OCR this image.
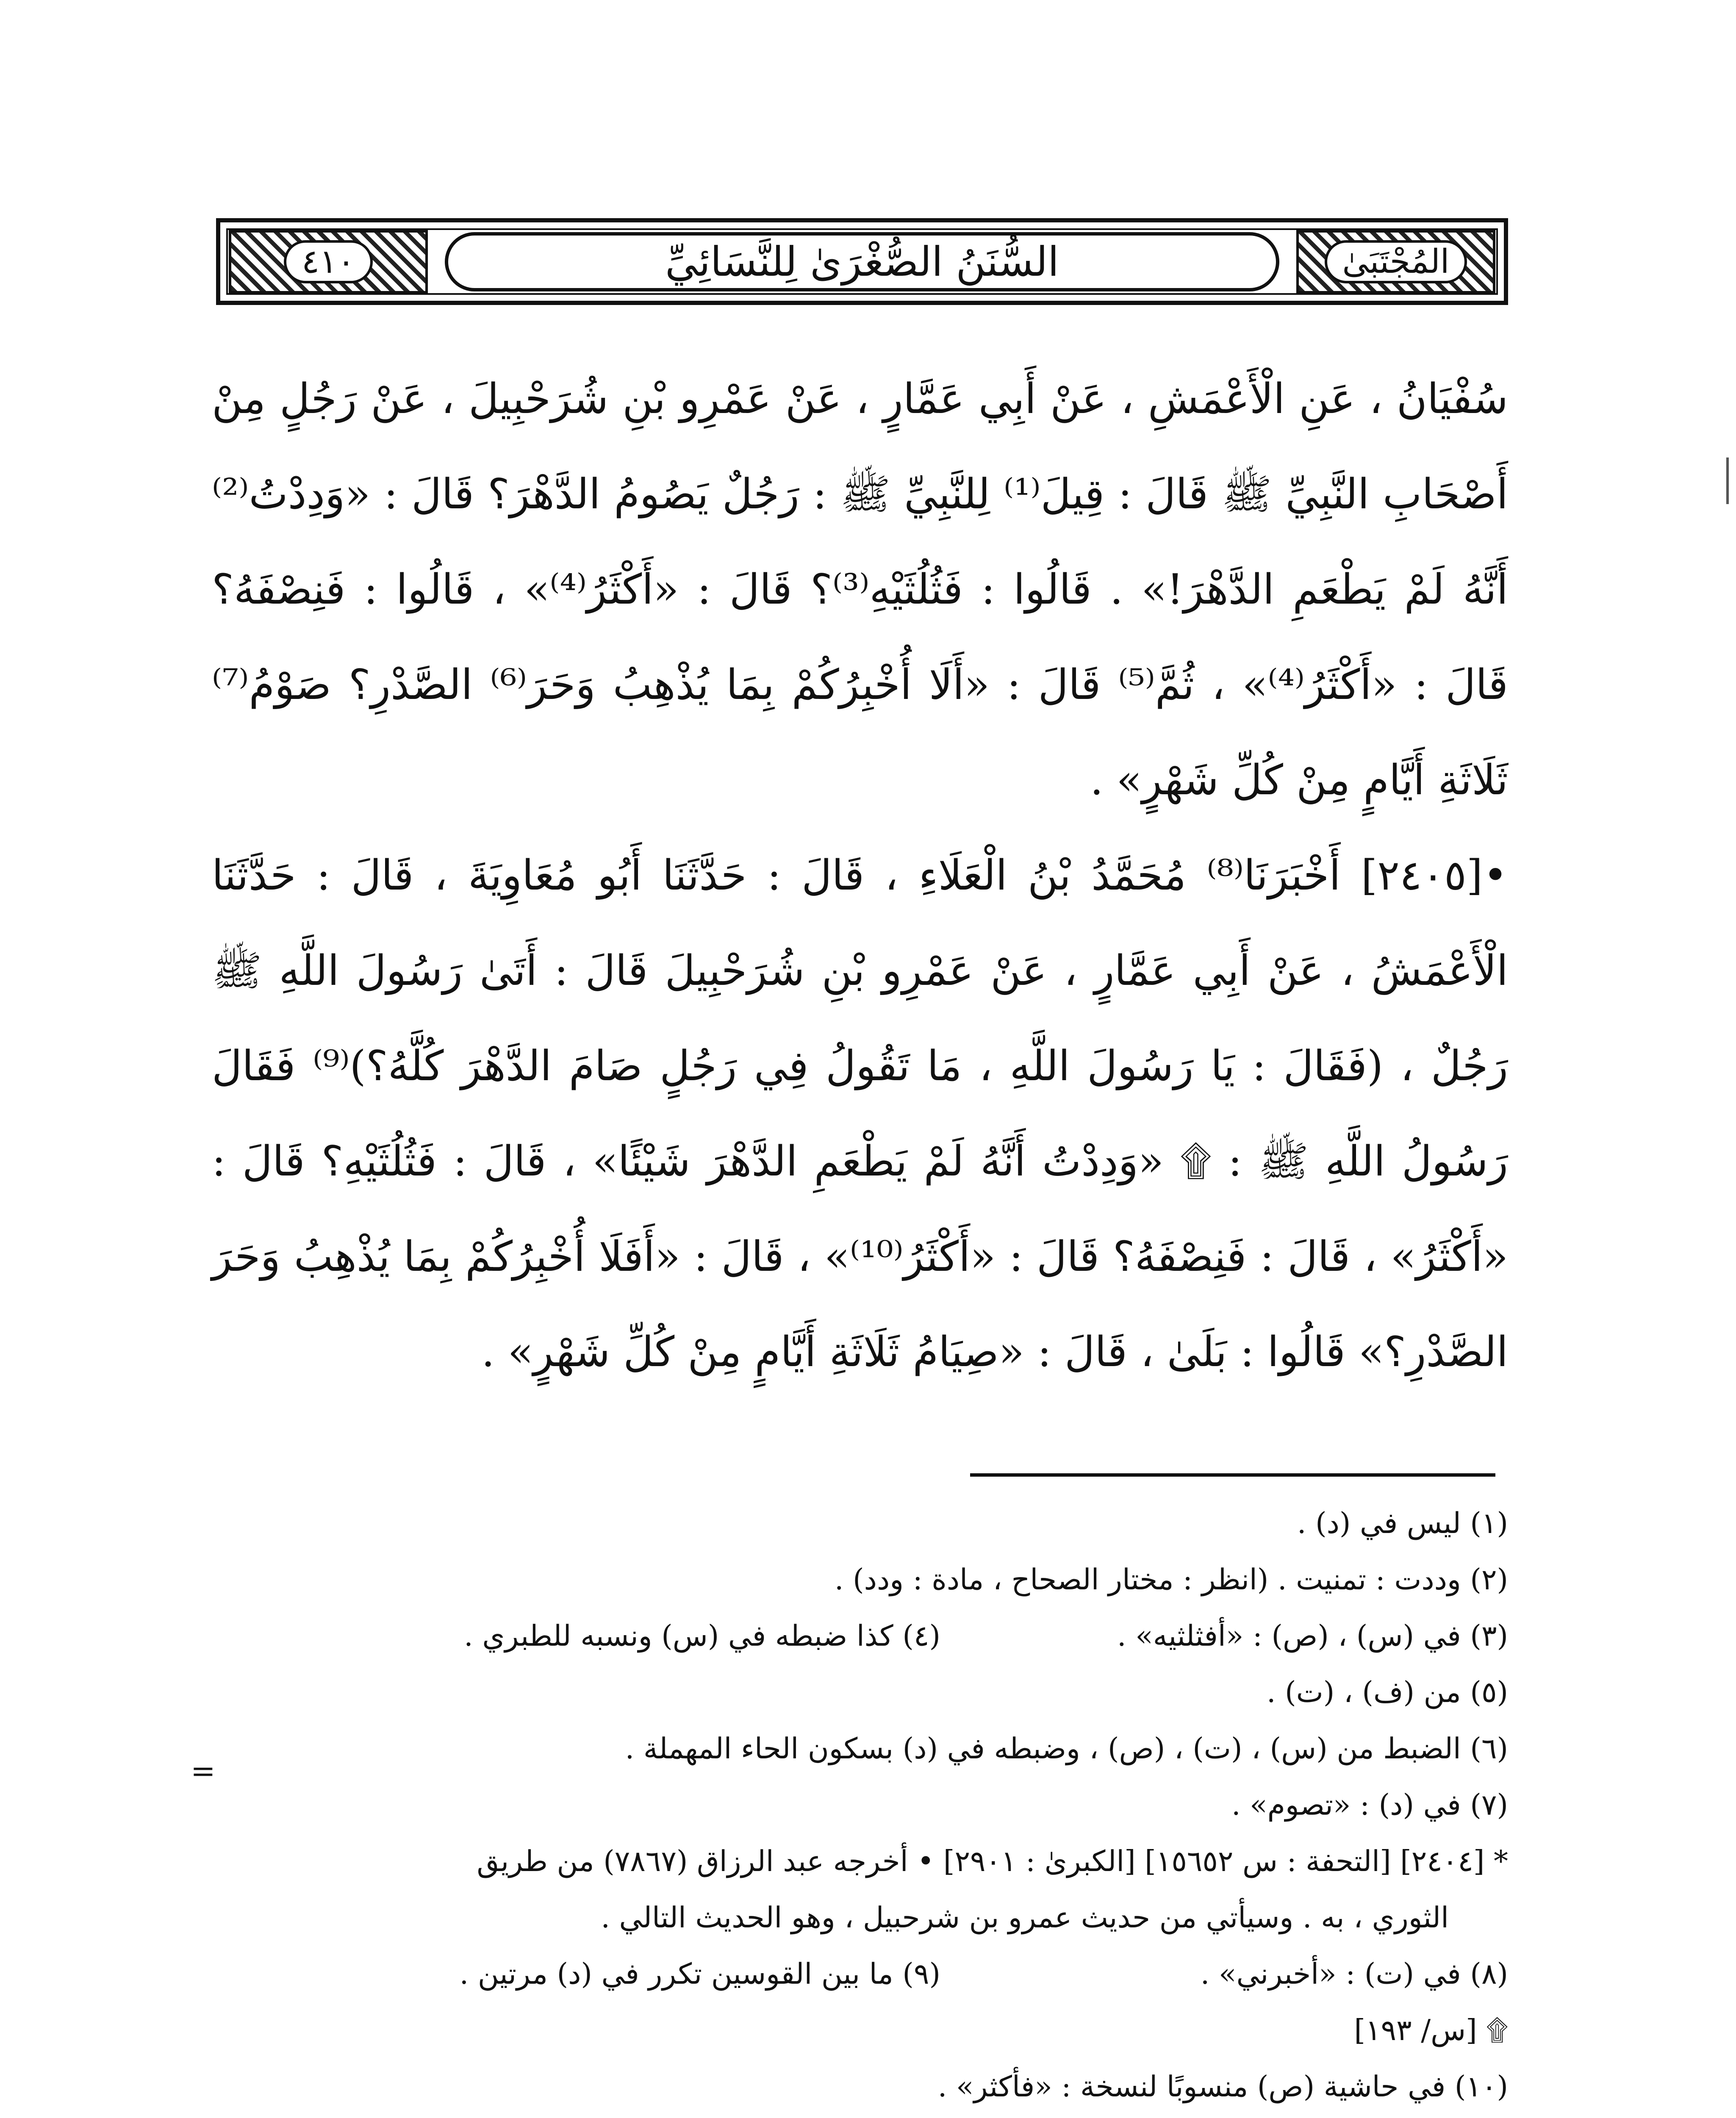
٤١٠	السُّنَنُ الصُّغْرَىٰ لِلنَّسَائِيِّ	المُجْتَبَىٰ

سُفْيَانُ ، عَنِ الْأَعْمَشِ ، عَنْ أَبِي عَمَّارٍ ، عَنْ عَمْرِو بْنِ شُرَحْبِيلَ ، عَنْ رَجُلٍ مِنْ أَصْحَابِ النَّبِيِّ ﷺ قَالَ : قِيلَ⁽¹⁾ لِلنَّبِيِّ ﷺ : رَجُلٌ يَصُومُ الدَّهْرَ؟ قَالَ : «وَدِدْتُ⁽²⁾ أَنَّهُ لَمْ يَطْعَمِ الدَّهْرَ!» . قَالُوا : فَثُلُثَيْهِ⁽³⁾؟ قَالَ : «أَكْثَرُ⁽⁴⁾» ، قَالُوا : فَنِصْفَهُ؟ قَالَ : «أَكْثَرُ⁽⁴⁾» ، ثُمَّ⁽⁵⁾ قَالَ : «أَلَا أُخْبِرُكُمْ بِمَا يُذْهِبُ وَحَرَ⁽⁶⁾ الصَّدْرِ؟ صَوْمُ⁽⁷⁾ ثَلَاثَةِ أَيَّامٍ مِنْ كُلِّ شَهْرٍ» .

•[٢٤٠٥] أَخْبَرَنَا⁽⁸⁾ مُحَمَّدُ بْنُ الْعَلَاءِ ، قَالَ : حَدَّثَنَا أَبُو مُعَاوِيَةَ ، قَالَ : حَدَّثَنَا الْأَعْمَشُ ، عَنْ أَبِي عَمَّارٍ ، عَنْ عَمْرِو بْنِ شُرَحْبِيلَ قَالَ : أَتَىٰ رَسُولَ اللَّهِ ﷺ رَجُلٌ ، (فَقَالَ : يَا رَسُولَ اللَّهِ ، مَا تَقُولُ فِي رَجُلٍ صَامَ الدَّهْرَ كُلَّهُ؟)⁽⁹⁾ فَقَالَ رَسُولُ اللَّهِ ﷺ : ۩ «وَدِدْتُ أَنَّهُ لَمْ يَطْعَمِ الدَّهْرَ شَيْئًا» ، قَالَ : فَثُلُثَيْهِ؟ قَالَ : «أَكْثَرُ» ، قَالَ : فَنِصْفَهُ؟ قَالَ : «أَكْثَرُ⁽¹⁰⁾» ، قَالَ : «أَفَلَا أُخْبِرُكُمْ بِمَا يُذْهِبُ وَحَرَ الصَّدْرِ؟» قَالُوا : بَلَىٰ ، قَالَ : «صِيَامُ ثَلَاثَةِ أَيَّامٍ مِنْ كُلِّ شَهْرٍ» .

(١) ليس في (د) .

(٢) وددت : تمنيت . (انظر : مختار الصحاح ، مادة : ودد) .

(٣) في (س) ، (ص) : «أفثلثيه» .
(٤) كذا ضبطه في (س) ونسبه للطبري .

(٥) من (ف) ، (ت) .

(٦) الضبط من (س) ، (ت) ، (ص) ، وضبطه في (د) بسكون الحاء المهملة .

(٧) في (د) : «تصوم» .

* [٢٤٠٤] [التحفة : س ١٥٦٥٢] [الكبرىٰ : ٢٩٠١] • أخرجه عبد الرزاق (٧٨٦٧) من طريق

الثوري ، به . وسيأتي من حديث عمرو بن شرحبيل ، وهو الحديث التالي .

(٨) في (ت) : «أخبرني» .
(٩) ما بين القوسين تكرر في (د) مرتين .

۩ [س/ ١٩٣]

(١٠) في حاشية (ص) منسوبًا لنسخة : «فأكثر» .

=
